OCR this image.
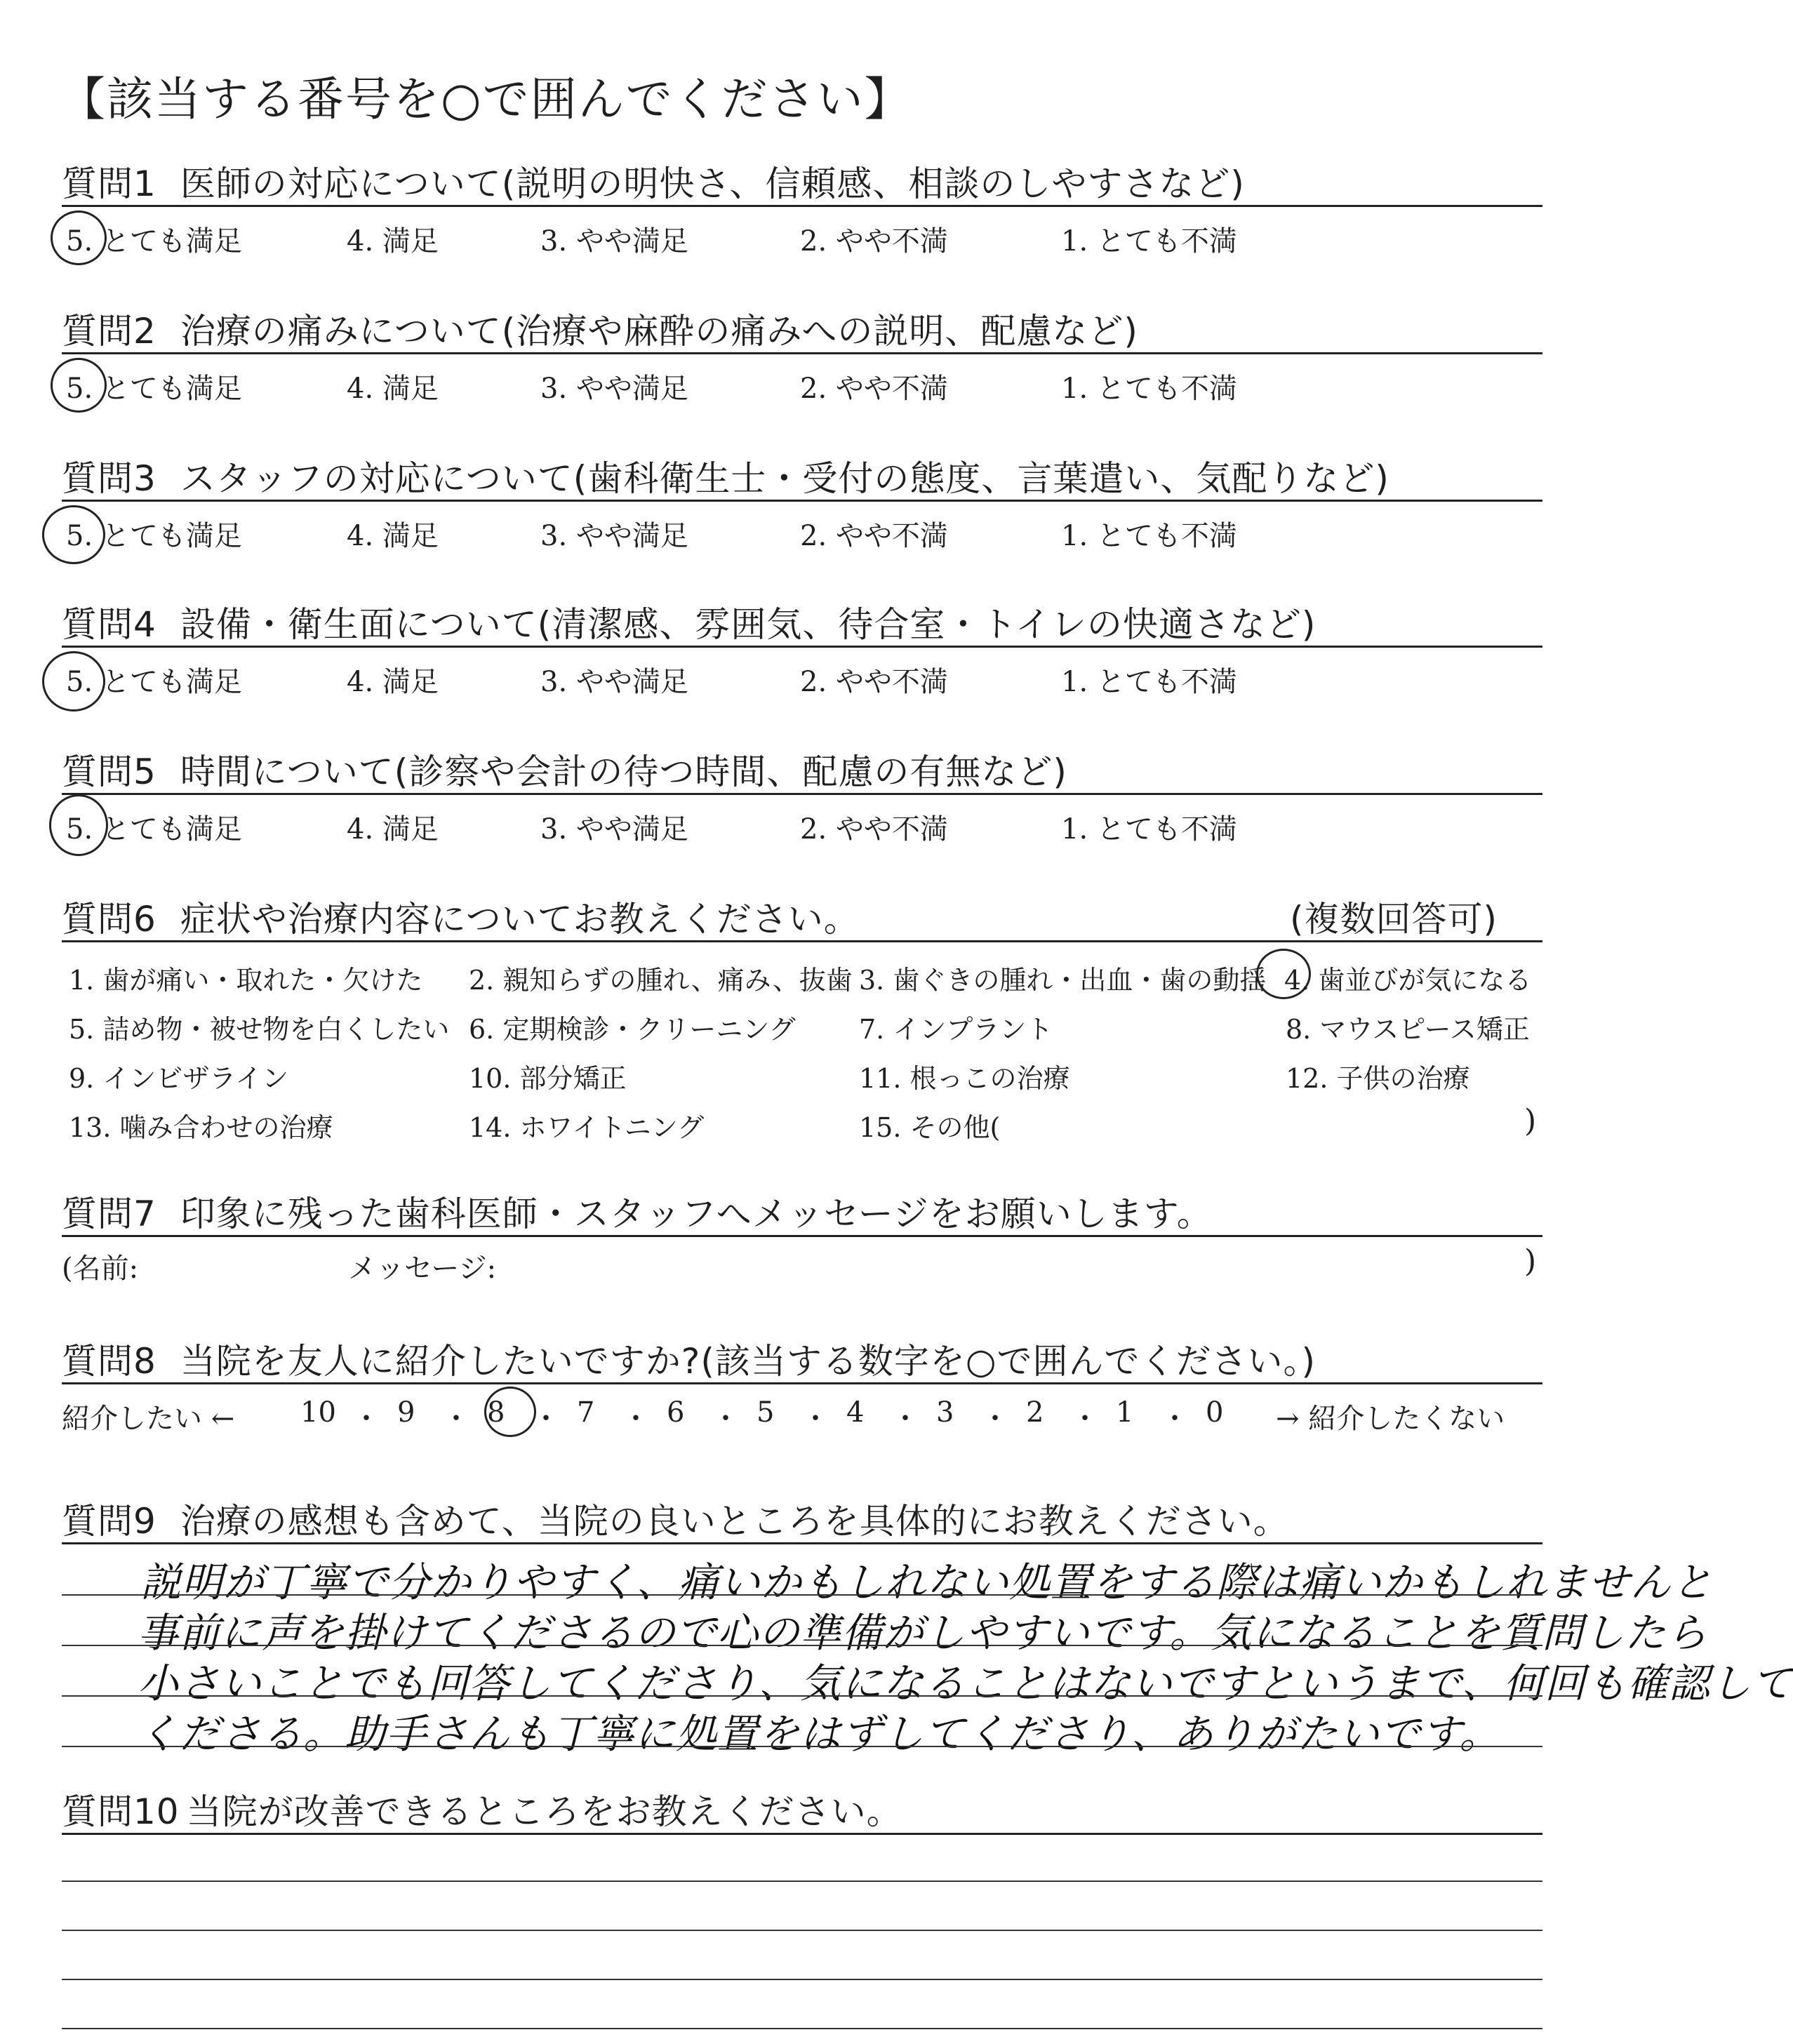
【該当する番号を○で囲んでください】
質問1 医師の対応について(説明の明快さ、信頼感、相談のしやすさなど)
5. とても満足	4. 満足	3. やや満足	2. やや不満	1. とても不満
質問2 治療の痛みについて(治療や麻酔の痛みへの説明、配慮など)
5. とても満足	4. 満足	3. やや満足	2. やや不満	1. とても不満
質問3 スタッフの対応について(歯科衛生士・受付の態度、言葉遣い、気配りなど)
5. とても満足	4. 満足	3. やや満足	2. やや不満	1. とても不満
質問4 設備・衛生面について(清潔感、雰囲気、待合室・トイレの快適さなど)
5. とても満足	4. 満足	3. やや満足	2. やや不満	1. とても不満
質問5 時間について(診察や会計の待つ時間、配慮の有無など)
5. とても満足	4. 満足	3. やや満足	2. やや不満	1. とても不満
質問6 症状や治療内容についてお教えください。	(複数回答可)
1. 歯が痛い・取れた・欠けた 2. 親知らずの腫れ、痛み、抜歯 3. 歯ぐきの腫れ・出血・歯の動揺 4. 歯並びが気になる
5. 詰め物・被せ物を白くしたい 6. 定期検診・クリーニング 7. インプラント	8. マウスピース矯正
9. インビザライン	10. 部分矯正	11. 根っこの治療	12. 子供の治療
13. 噛み合わせの治療	14. ホワイトニング	15. その他(	)
質問7 印象に残った歯科医師・スタッフへメッセージをお願いします。
(名前:	メッセージ:	)
質問8 当院を友人に紹介したいですか?(該当する数字を○で囲んでください。)
紹介したい ← 10 ・ 9 ・ 8 ・ 7 ・ 6 ・ 5 ・ 4 ・ 3 ・ 2 ・ 1 ・ 0 → 紹介したくない
質問9 治療の感想も含めて、当院の良いところを具体的にお教えください。
説明が丁寧で分かりやすく、痛いかもしれない処置をする際は痛いかもしれませんと
事前に声を掛けてくださるので心の準備がしやすいです。気になることを質問したら
小さいことでも回答してくださり、気になることはないですというまで、何回も確認して
くださる。助手さんも丁寧に処置をはずしてくださり、ありがたいです。
質問10 当院が改善できるところをお教えください。
